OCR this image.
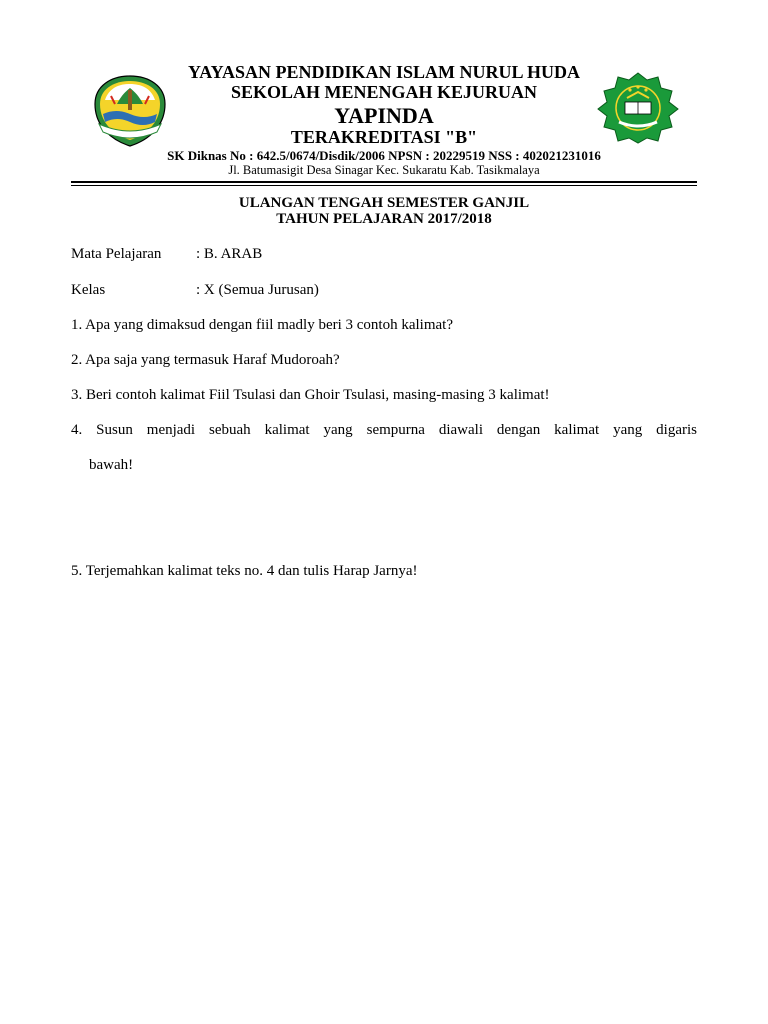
YAYASAN PENDIDIKAN ISLAM NURUL HUDA
SEKOLAH MENENGAH KEJURUAN
YAPINDA
TERAKREDITASI "B"
SK Diknas No : 642.5/0674/Disdik/2006 NPSN : 20229519 NSS : 402021231016
Jl. Batumasigit Desa Sinagar Kec. Sukaratu Kab. Tasikmalaya
ULANGAN TENGAH SEMESTER GANJIL
TAHUN PELAJARAN 2017/2018
Mata Pelajaran : B. ARAB
Kelas	: X (Semua Jurusan)
1. Apa yang dimaksud dengan fiil madly beri 3 contoh kalimat?
2. Apa saja yang termasuk Haraf Mudoroah?
3. Beri contoh kalimat Fiil Tsulasi dan Ghoir Tsulasi, masing-masing 3 kalimat!
4. Susun menjadi sebuah kalimat yang sempurna diawali dengan kalimat yang digaris
bawah!
5. Terjemahkan kalimat teks no. 4 dan tulis Harap Jarnya!
